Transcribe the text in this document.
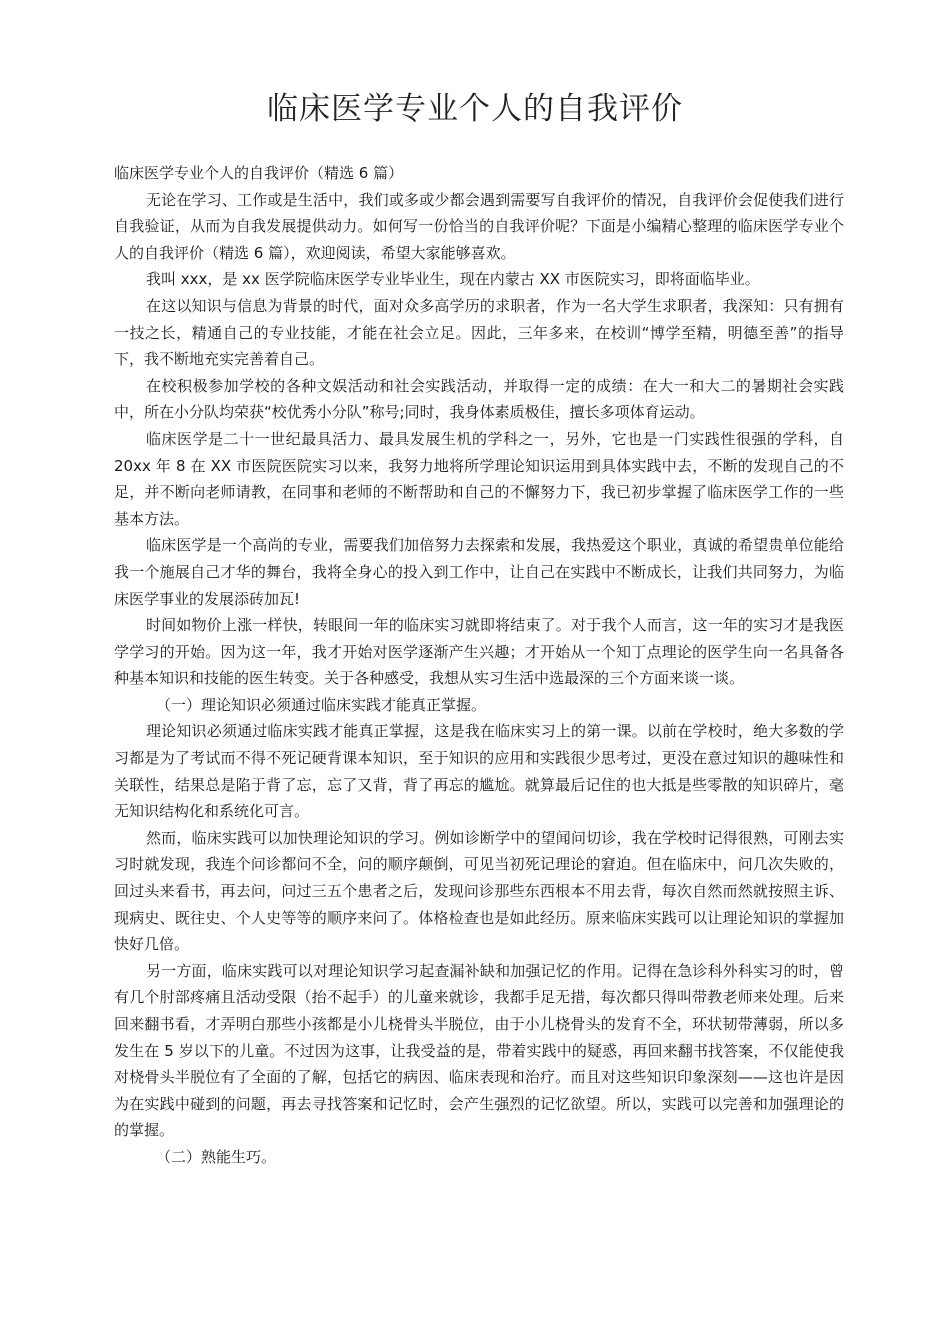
临床医学专业个人的自我评价

临床医学专业个人的自我评价（精选 6 篇）

无论在学习、工作或是生活中，我们或多或少都会遇到需要写自我评价的情况，自我评价会促使我们进行自我验证，从而为自我发展提供动力。如何写一份恰当的自我评价呢？下面是小编精心整理的临床医学专业个人的自我评价（精选 6 篇），欢迎阅读，希望大家能够喜欢。

我叫 xxx，是 xx 医学院临床医学专业毕业生，现在内蒙古 XX 市医院实习，即将面临毕业。

在这以知识与信息为背景的时代，面对众多高学历的求职者，作为一名大学生求职者，我深知：只有拥有一技之长，精通自己的专业技能，才能在社会立足。因此，三年多来，在校训“博学至精，明德至善”的指导下，我不断地充实完善着自己。

在校积极参加学校的各种文娱活动和社会实践活动，并取得一定的成绩：在大一和大二的暑期社会实践中，所在小分队均荣获“校优秀小分队”称号;同时，我身体素质极佳，擅长多项体育运动。

临床医学是二十一世纪最具活力、最具发展生机的学科之一，另外，它也是一门实践性很强的学科，自 20xx 年 8 在 XX 市医院医院实习以来，我努力地将所学理论知识运用到具体实践中去，不断的发现自己的不足，并不断向老师请教，在同事和老师的不断帮助和自己的不懈努力下，我已初步掌握了临床医学工作的一些基本方法。

临床医学是一个高尚的专业，需要我们加倍努力去探索和发展，我热爱这个职业，真诚的希望贵单位能给我一个施展自己才华的舞台，我将全身心的投入到工作中，让自己在实践中不断成长，让我们共同努力，为临床医学事业的发展添砖加瓦!

时间如物价上涨一样快，转眼间一年的临床实习就即将结束了。对于我个人而言，这一年的实习才是我医学学习的开始。因为这一年，我才开始对医学逐渐产生兴趣；才开始从一个知丁点理论的医学生向一名具备各种基本知识和技能的医生转变。关于各种感受，我想从实习生活中选最深的三个方面来谈一谈。

（一）理论知识必须通过临床实践才能真正掌握。

理论知识必须通过临床实践才能真正掌握，这是我在临床实习上的第一课。以前在学校时，绝大多数的学习都是为了考试而不得不死记硬背课本知识，至于知识的应用和实践很少思考过，更没在意过知识的趣味性和关联性，结果总是陷于背了忘，忘了又背，背了再忘的尴尬。就算最后记住的也大抵是些零散的知识碎片，毫无知识结构化和系统化可言。

然而，临床实践可以加快理论知识的学习。例如诊断学中的望闻问切诊，我在学校时记得很熟，可刚去实习时就发现，我连个问诊都问不全，问的顺序颠倒，可见当初死记理论的窘迫。但在临床中，问几次失败的，回过头来看书，再去问，问过三五个患者之后，发现问诊那些东西根本不用去背，每次自然而然就按照主诉、现病史、既往史、个人史等等的顺序来问了。体格检查也是如此经历。原来临床实践可以让理论知识的掌握加快好几倍。

另一方面，临床实践可以对理论知识学习起查漏补缺和加强记忆的作用。记得在急诊科外科实习的时，曾有几个肘部疼痛且活动受限（抬不起手）的儿童来就诊，我都手足无措，每次都只得叫带教老师来处理。后来回来翻书看，才弄明白那些小孩都是小儿桡骨头半脱位，由于小儿桡骨头的发育不全，环状韧带薄弱，所以多发生在 5 岁以下的儿童。不过因为这事，让我受益的是，带着实践中的疑惑，再回来翻书找答案，不仅能使我对桡骨头半脱位有了全面的了解，包括它的病因、临床表现和治疗。而且对这些知识印象深刻——这也许是因为在实践中碰到的问题，再去寻找答案和记忆时，会产生强烈的记忆欲望。所以，实践可以完善和加强理论的的掌握。

（二）熟能生巧。
